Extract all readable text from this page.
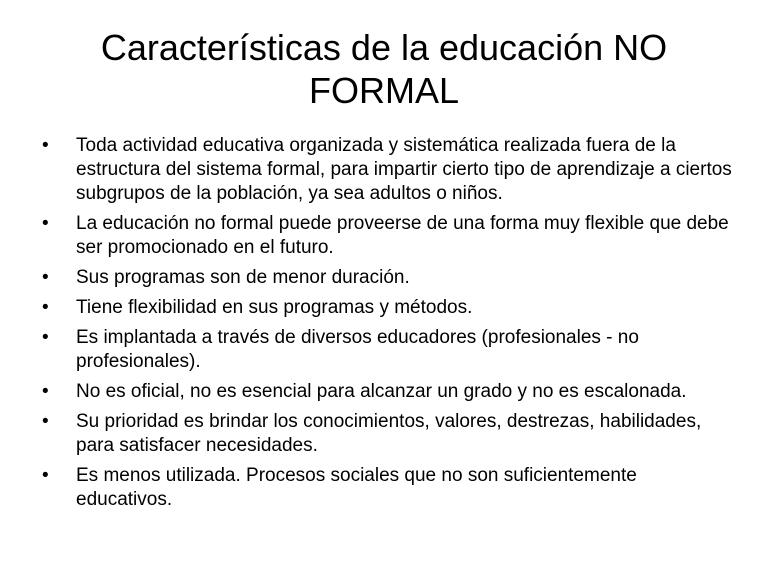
Características de la educación NO FORMAL
•	Toda actividad educativa organizada y sistemática realizada fuera de la estructura del sistema formal, para impartir cierto tipo de aprendizaje a ciertos subgrupos de la población, ya sea adultos o niños.
•	La educación no formal puede proveerse de una forma muy flexible que debe ser promocionado en el futuro.
•	Sus programas son de menor duración.
•	Tiene flexibilidad en sus programas y métodos.
•	Es implantada a través de diversos educadores (profesionales - no profesionales).
•	No es oficial, no es esencial para alcanzar un grado y no es escalonada.
•	Su prioridad es brindar los conocimientos, valores, destrezas, habilidades, para satisfacer necesidades.
•	Es menos utilizada. Procesos sociales que no son suficientemente educativos.
